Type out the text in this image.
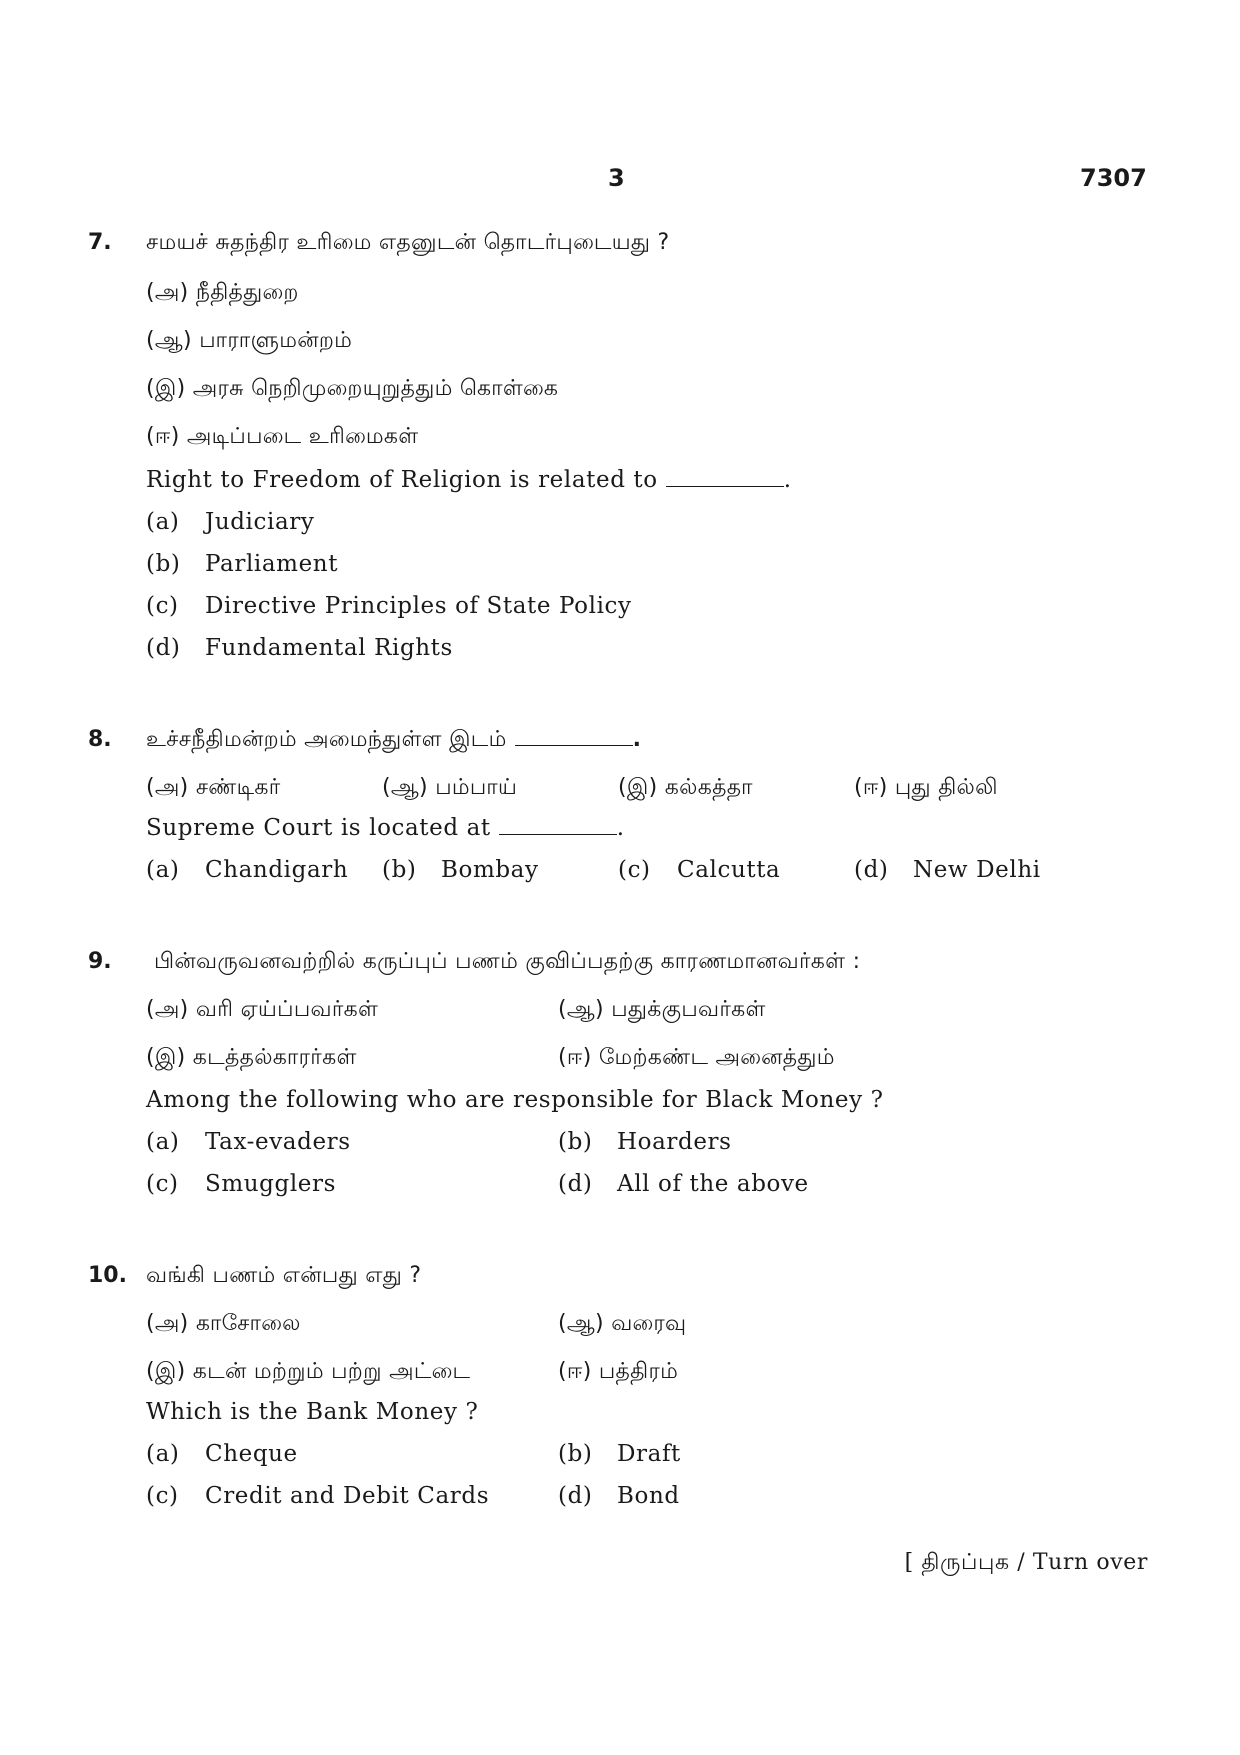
3	7307
7. சமயச் சுதந்திர உரிமை எதனுடன் தொடர்புடையது ?
(அ) நீதித்துறை
(ஆ) பாராளுமன்றம்
(இ) அரசு நெறிமுறையுறுத்தும் கொள்கை
(ஈ) அடிப்படை உரிமைகள்
Right to Freedom of Religion is related to	.
(a) Judiciary
(b) Parliament
(c) Directive Principles of State Policy
(d) Fundamental Rights
8. உச்சநீதிமன்றம் அமைந்துள்ள இடம்	.
(அ) சண்டிகர்	(ஆ) பம்பாய்	(இ) கல்கத்தா	(ஈ) புது தில்லி
Supreme Court is located at	.
(a) Chandigarh (b) Bombay	(c) Calcutta	(d) New Delhi
9. பின்வருவனவற்றில் கருப்புப் பணம் குவிப்பதற்கு காரணமானவர்கள் :
(அ) வரி ஏய்ப்பவர்கள்	(ஆ) பதுக்குபவர்கள்
(இ) கடத்தல்காரர்கள்	(ஈ) மேற்கண்ட அனைத்தும்
Among the following who are responsible for Black Money ?
(a) Tax-evaders	(b) Hoarders
(c) Smugglers	(d) All of the above
10. வங்கி பணம் என்பது எது ?
(அ) காசோலை	(ஆ) வரைவு
(இ) கடன் மற்றும் பற்று அட்டை	(ஈ) பத்திரம்
Which is the Bank Money ?
(a) Cheque	(b) Draft
(c) Credit and Debit Cards	(d) Bond
[ திருப்புக / Turn over
